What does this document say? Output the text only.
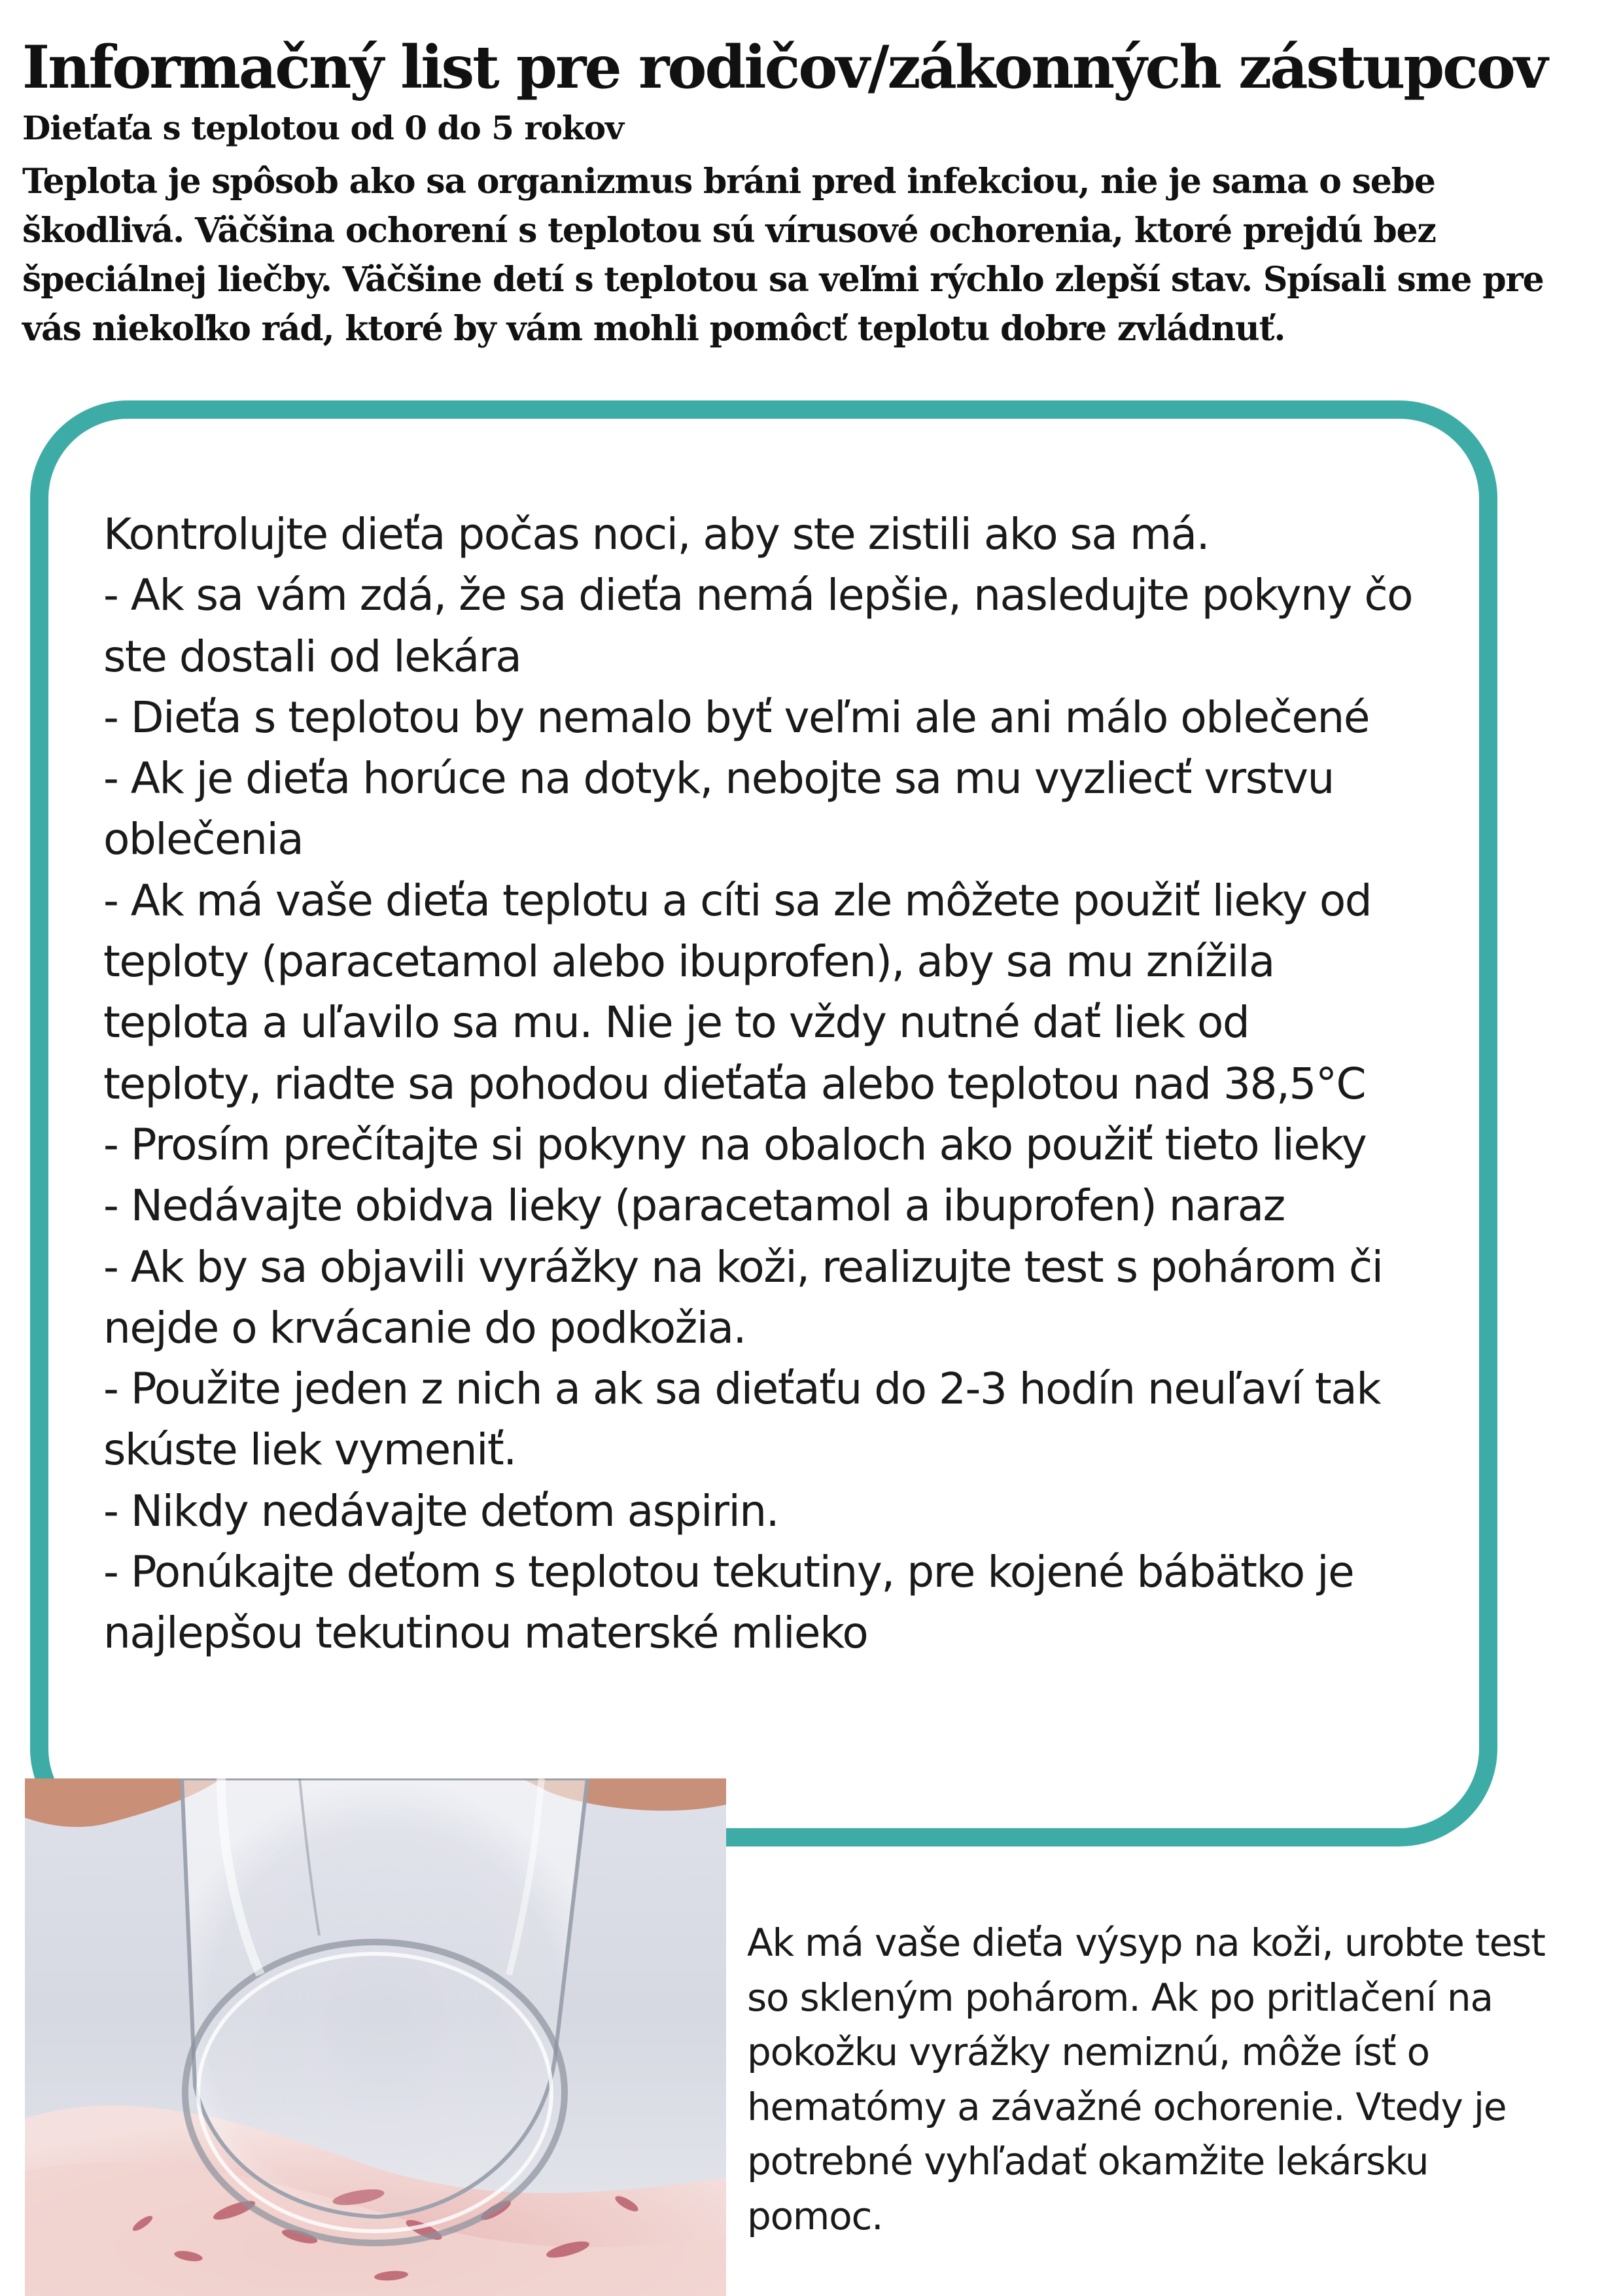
Informačný list pre rodičov/zákonných zástupcov
Dieťaťa s teplotou od 0 do 5 rokov

Teplota je spôsob ako sa organizmus bráni pred infekciou, nie je sama o sebe
škodlivá. Väčšina ochorení s teplotou sú vírusové ochorenia, ktoré prejdú bez
špeciálnej liečby. Väčšine detí s teplotou sa veľmi rýchlo zlepší stav. Spísali sme pre
vás niekoľko rád, ktoré by vám mohli pomôcť teplotu dobre zvládnuť.

Kontrolujte dieťa počas noci, aby ste zistili ako sa má.
- Ak sa vám zdá, že sa dieťa nemá lepšie, nasledujte pokyny čo
ste dostali od lekára
- Dieťa s teplotou by nemalo byť veľmi ale ani málo oblečené
- Ak je dieťa horúce na dotyk, nebojte sa mu vyzliecť vrstvu
oblečenia
- Ak má vaše dieťa teplotu a cíti sa zle môžete použiť lieky od
teploty (paracetamol alebo ibuprofen), aby sa mu znížila
teplota a uľavilo sa mu. Nie je to vždy nutné dať liek od
teploty, riadte sa pohodou dieťaťa alebo teplotou nad 38,5°C
- Prosím prečítajte si pokyny na obaloch ako použiť tieto lieky
- Nedávajte obidva lieky (paracetamol a ibuprofen) naraz
- Ak by sa objavili vyrážky na koži, realizujte test s pohárom či
nejde o krvácanie do podkožia.
- Použite jeden z nich a ak sa dieťaťu do 2-3 hodín neuľaví tak
skúste liek vymeniť.
- Nikdy nedávajte deťom aspirin.
- Ponúkajte deťom s teplotou tekutiny, pre kojené bábätko je
najlepšou tekutinou materské mlieko

Ak má vaše dieťa výsyp na koži, urobte test
so skleným pohárom. Ak po pritlačení na
pokožku vyrážky nemiznú, môže ísť o
hematómy a závažné ochorenie. Vtedy je
potrebné vyhľadať okamžite lekársku
pomoc.
